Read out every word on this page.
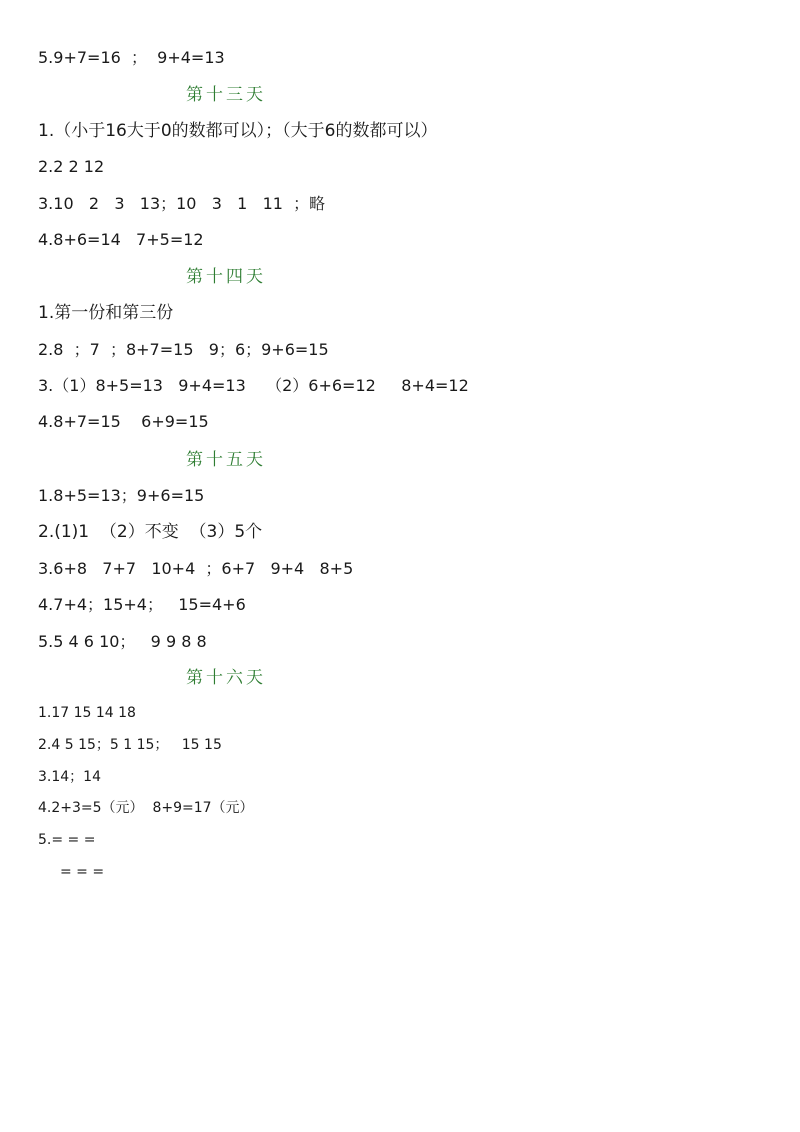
5.9+7=16  ；  9+4=13
第十三天
1.（小于16大于0的数都可以）；（大于6的数都可以）
2.2 2 12
3.10   2   3   13；10   3   1   11  ；略
4.8+6=14   7+5=12
第十四天
1.第一份和第三份
2.8  ；7  ；8+7=15   9；6；9+6=15
3.（1）8+5=13   9+4=13    （2）6+6=12     8+4=12
4.8+7=15    6+9=15
第十五天
1.8+5=13；9+6=15
2.(1)1  （2）不变  （3）5个
3.6+8   7+7   10+4  ；6+7   9+4   8+5
4.7+4；15+4；   15=4+6
5.5 4 6 10；   9 9 8 8
第十六天
1.17 15 14 18
2.4 5 15；5 1 15；   15 15
3.14；14
4.2+3=5（元）  8+9=17（元）
5.= = =
= = =
